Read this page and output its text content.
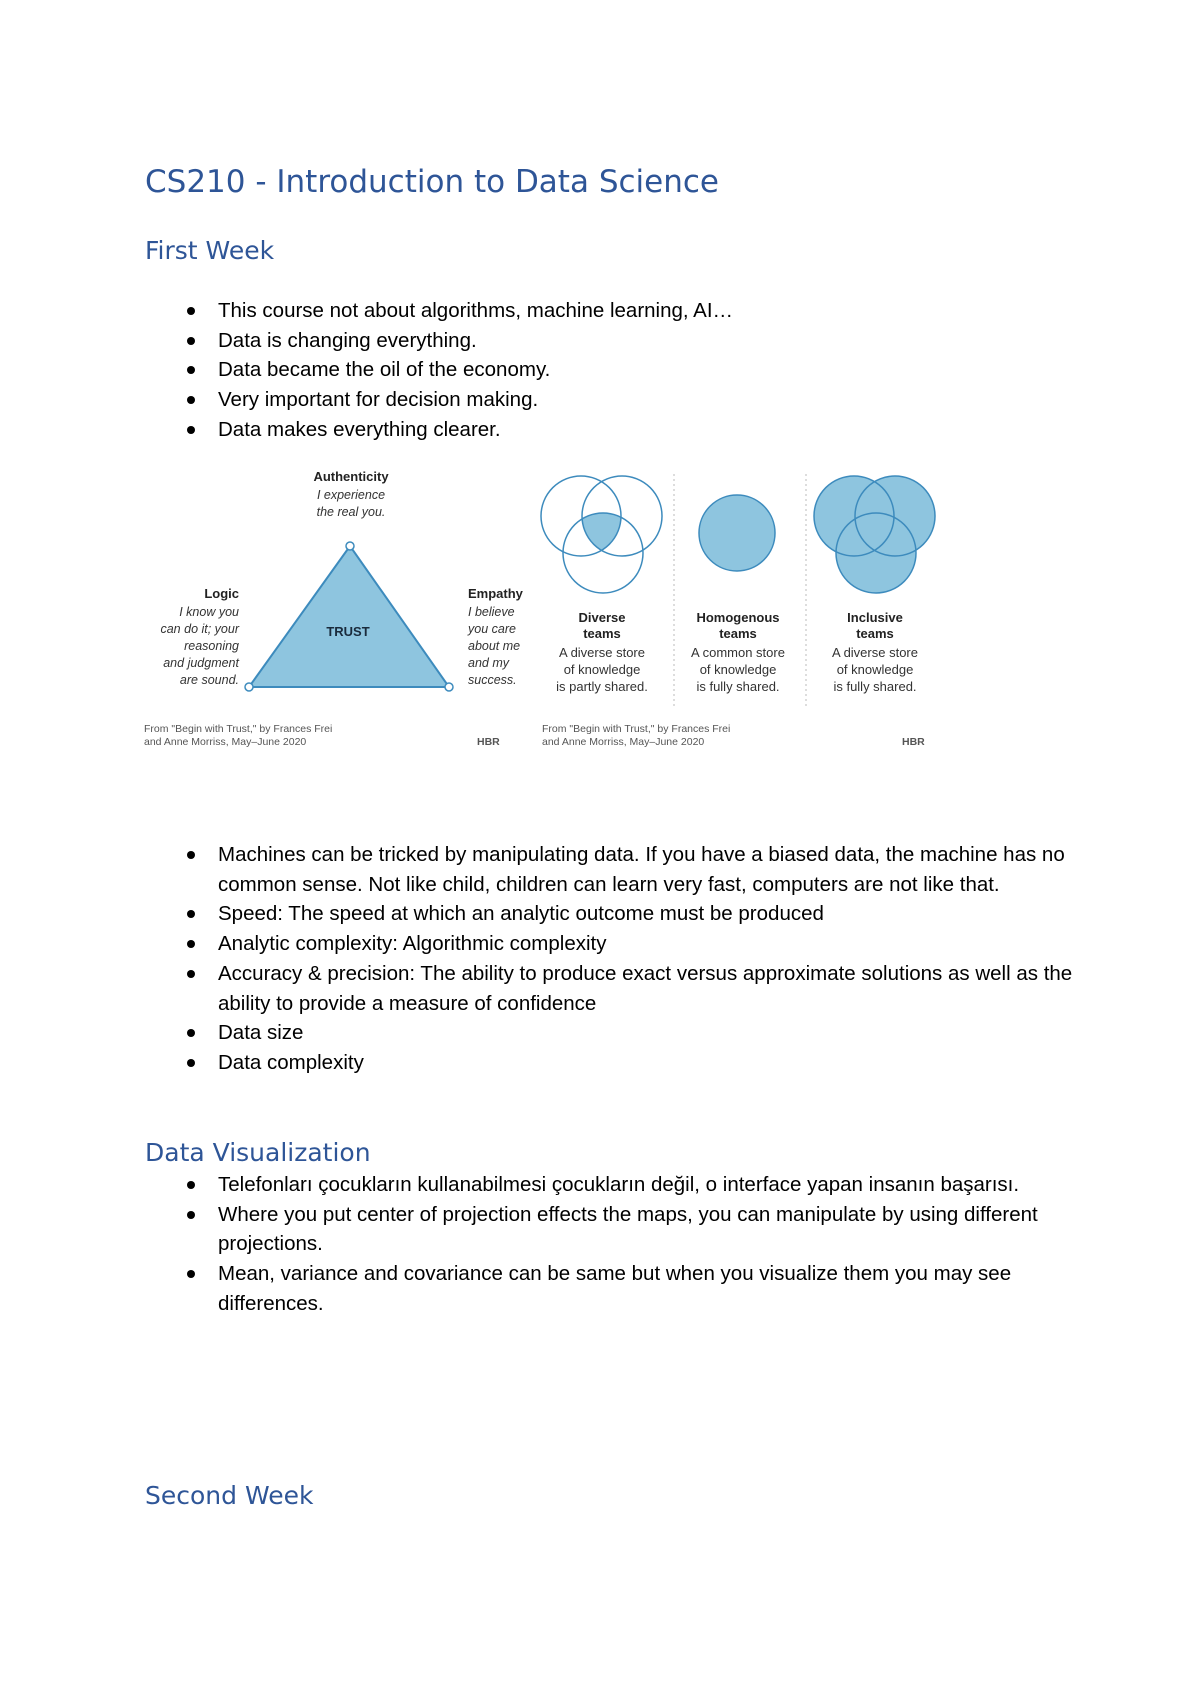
CS210 - Introduction to Data Science
First Week
This course not about algorithms, machine learning, AI…
Data is changing everything.
Data became the oil of the economy.
Very important for decision making.
Data makes everything clearer.
TRUST
Authenticity
I experience
the real you.
Logic
I know you
can do it; your
reasoning
and judgment
are sound.
Empathy
I believe
you care
about me
and my
success.
From "Begin with Trust," by Frances Frei
and Anne Morriss, May–June 2020	HBR
Diverse
teams
A diverse store
of knowledge
is partly shared.
Homogenous
teams
A common store
of knowledge
is fully shared.
Inclusive
teams
A diverse store
of knowledge
is fully shared.
From "Begin with Trust," by Frances Frei
and Anne Morriss, May–June 2020	HBR
Machines can be tricked by manipulating data. If you have a biased data, the machine has no common sense. Not like child, children can learn very fast, computers are not like that.
Speed: The speed at which an analytic outcome must be produced
Analytic complexity: Algorithmic complexity
Accuracy & precision: The ability to produce exact versus approximate solutions as well as the ability to provide a measure of confidence
Data size
Data complexity
Data Visualization
Telefonları çocukların kullanabilmesi çocukların değil, o interface yapan insanın başarısı.
Where you put center of projection effects the maps, you can manipulate by using different projections.
Mean, variance and covariance can be same but when you visualize them you may see differences.
Second Week
